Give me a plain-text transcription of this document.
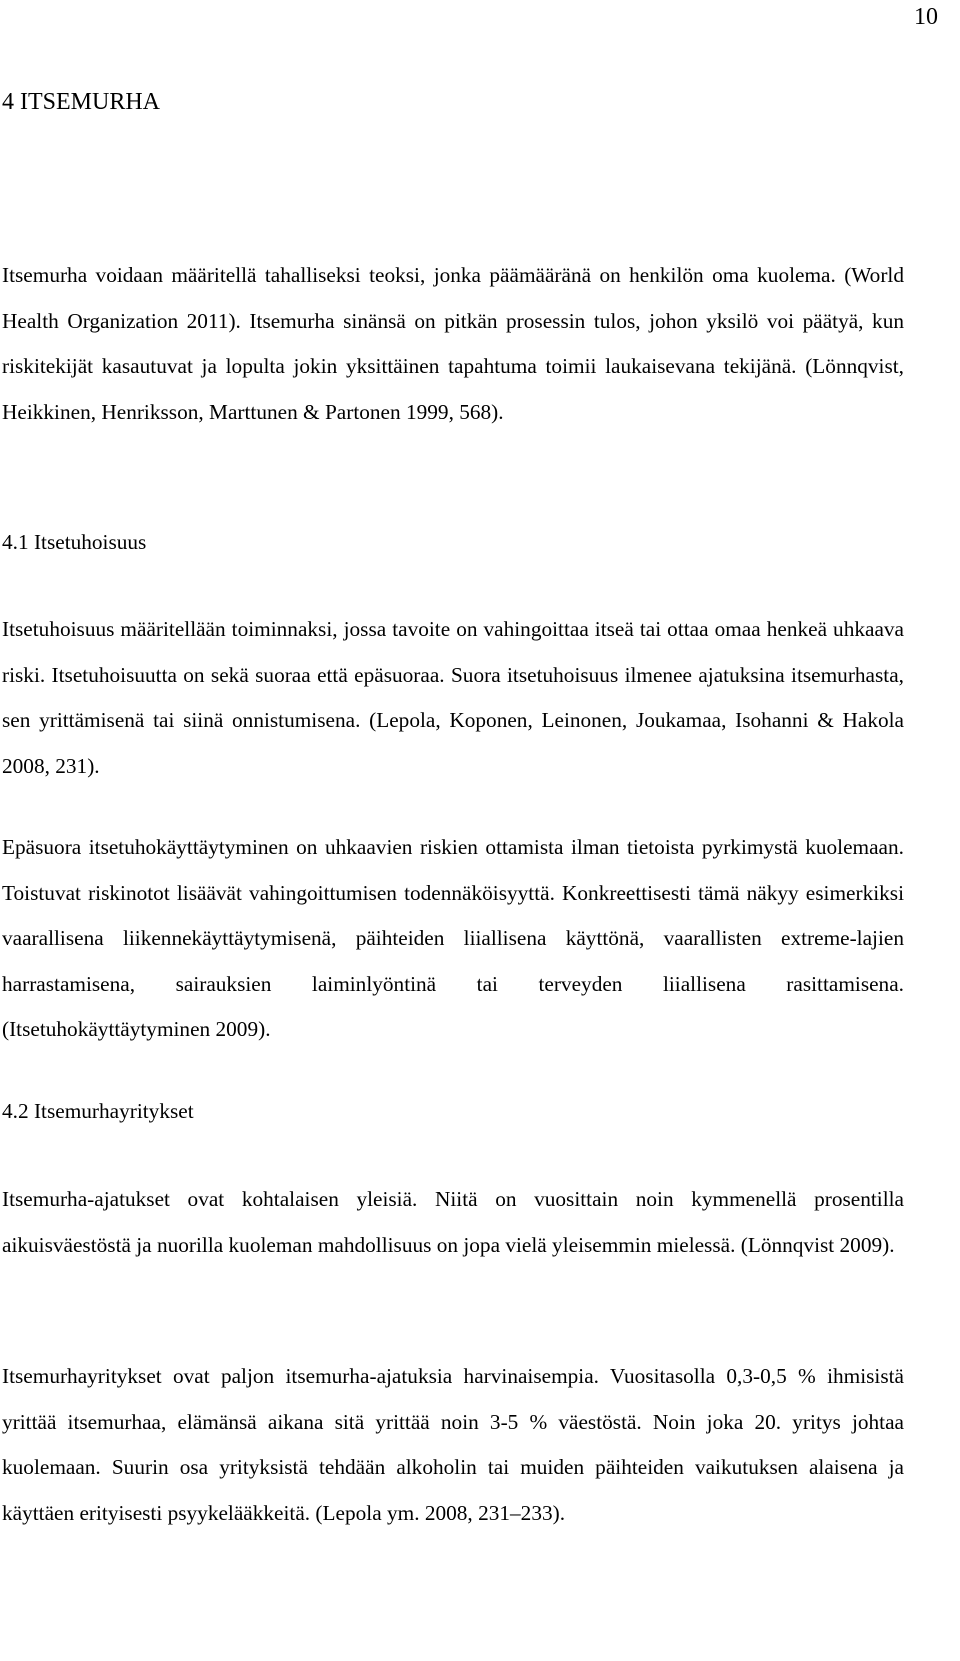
10
4 ITSEMURHA

Itsemurha voidaan määritellä tahalliseksi teoksi, jonka päämääränä on henkilön oma kuolema. (World Health Organization 2011). Itsemurha sinänsä on pitkän prosessin tulos, johon yksilö voi päätyä, kun riskitekijät kasautuvat ja lopulta jokin yksittäinen tapahtuma toimii laukaisevana tekijänä. (Lönnqvist, Heikkinen, Henriksson, Marttunen & Partonen 1999, 568).

4.1 Itsetuhoisuus

Itsetuhoisuus määritellään toiminnaksi, jossa tavoite on vahingoittaa itseä tai ottaa omaa henkeä uhkaava riski. Itsetuhoisuutta on sekä suoraa että epäsuoraa. Suora itsetuhoisuus ilmenee ajatuksina itsemurhasta, sen yrittämisenä tai siinä onnistumisena. (Lepola, Koponen, Leinonen, Joukamaa, Isohanni & Hakola 2008, 231).

Epäsuora itsetuhokäyttäytyminen on uhkaavien riskien ottamista ilman tietoista pyrkimystä kuolemaan. Toistuvat riskinotot lisäävät vahingoittumisen todennäköisyyttä. Konkreettisesti tämä näkyy esimerkiksi vaarallisena liikennekäyttäytymisenä, päihteiden liiallisena käyttönä, vaarallisten extreme-lajien harrastamisena, sairauksien laiminlyöntinä tai terveyden liiallisena rasittamisena. (Itsetuhokäyttäytyminen 2009).

4.2 Itsemurhayritykset

Itsemurha-ajatukset ovat kohtalaisen yleisiä. Niitä on vuosittain noin kymmenellä prosentilla aikuisväestöstä ja nuorilla kuoleman mahdollisuus on jopa vielä yleisemmin mielessä. (Lönnqvist 2009).

Itsemurhayritykset ovat paljon itsemurha-ajatuksia harvinaisempia. Vuositasolla 0,3-0,5 % ihmisistä yrittää itsemurhaa, elämänsä aikana sitä yrittää noin 3-5 % väestöstä. Noin joka 20. yritys johtaa kuolemaan. Suurin osa yrityksistä tehdään alkoholin tai muiden päihteiden vaikutuksen alaisena ja käyttäen erityisesti psyykelääkkeitä. (Lepola ym. 2008, 231–233).
